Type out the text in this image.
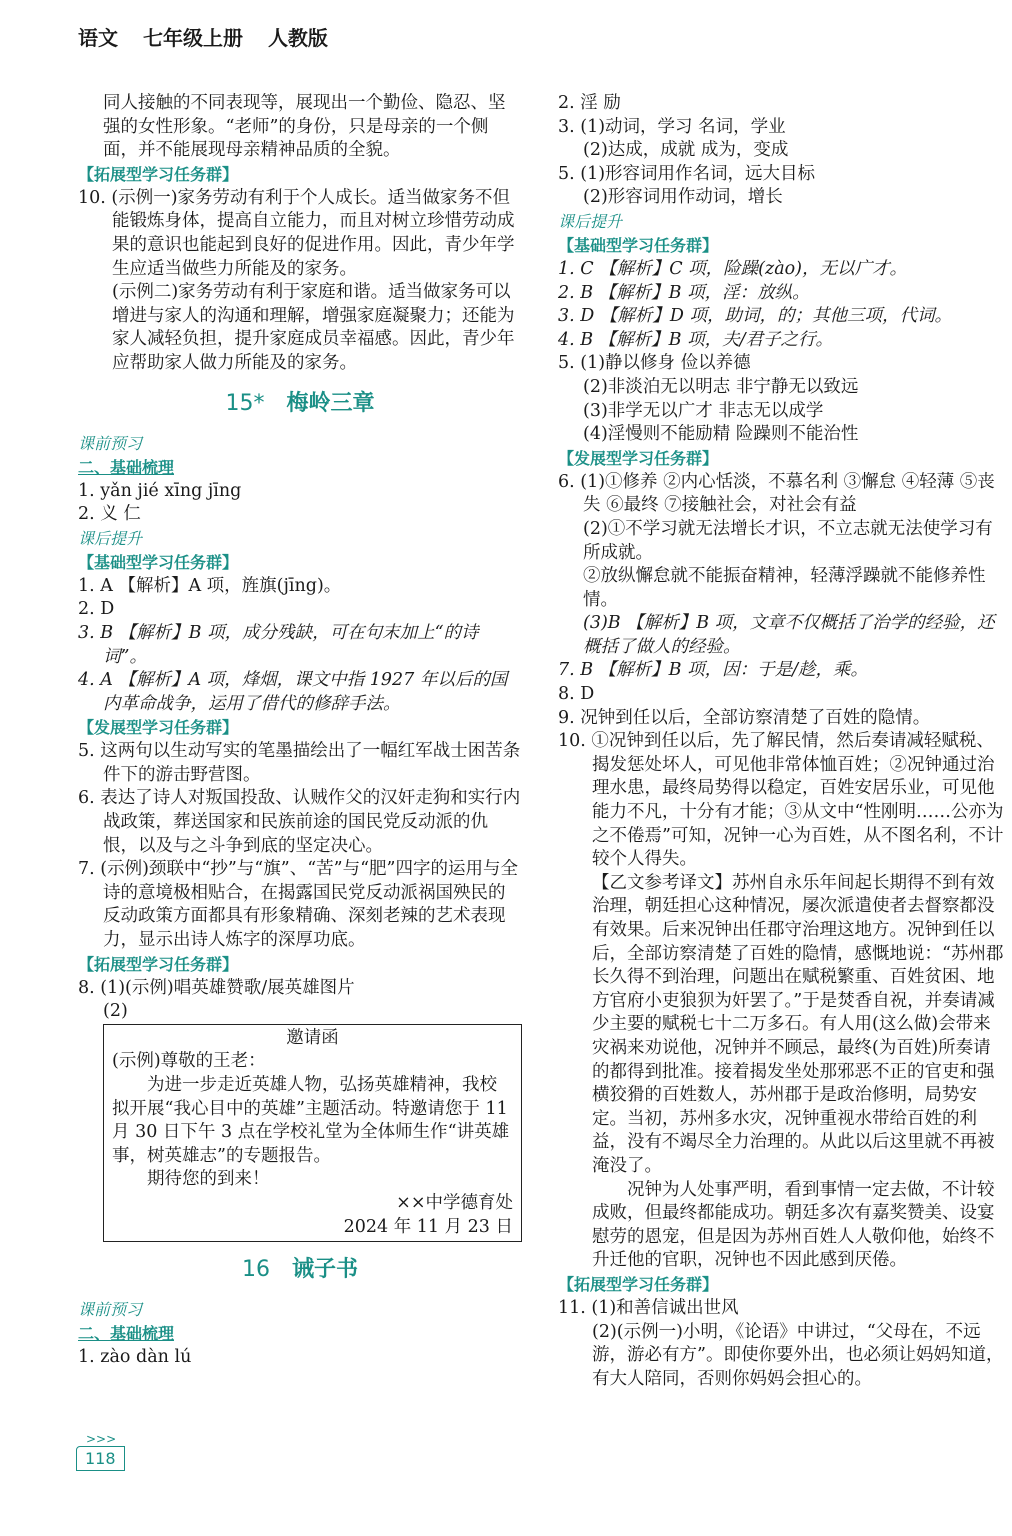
语文 七年级上册 人教版
同人接触的不同表现等，展现出一个勤俭、隐忍、坚强的女性形象。“老师”的身份，只是母亲的一个侧面，并不能展现母亲精神品质的全貌。
【拓展型学习任务群】
10. (示例一)家务劳动有利于个人成长。适当做家务不但能锻炼身体，提高自立能力，而且对树立珍惜劳动成果的意识也能起到良好的促进作用。因此，青少年学生应适当做些力所能及的家务。
(示例二)家务劳动有利于家庭和谐。适当做家务可以增进与家人的沟通和理解，增强家庭凝聚力；还能为家人减轻负担，提升家庭成员幸福感。因此，青少年应帮助家人做力所能及的家务。
15* 梅岭三章
课前预习
二、基础梳理
1. yǎn jié xīng jīng
2. 义 仁
课后提升
【基础型学习任务群】
1. A 【解析】A 项，旌旗(jīng)。
2. D
3. B 【解析】B 项，成分残缺，可在句末加上“的诗词”。
4. A 【解析】A 项，烽烟，课文中指 1927 年以后的国内革命战争，运用了借代的修辞手法。
【发展型学习任务群】
5. 这两句以生动写实的笔墨描绘出了一幅红军战士困苦条件下的游击野营图。
6. 表达了诗人对叛国投敌、认贼作父的汉奸走狗和实行内战政策，葬送国家和民族前途的国民党反动派的仇恨，以及与之斗争到底的坚定决心。
7. (示例)颈联中“抄”与“旗”、“苦”与“肥”四字的运用与全诗的意境极相贴合，在揭露国民党反动派祸国殃民的反动政策方面都具有形象精确、深刻老辣的艺术表现力，显示出诗人炼字的深厚功底。
【拓展型学习任务群】
8. (1)(示例)唱英雄赞歌/展英雄图片
(2)
邀请函
(示例)尊敬的王老：
为进一步走近英雄人物，弘扬英雄精神，我校拟开展“我心目中的英雄”主题活动。特邀请您于 11 月 30 日下午 3 点在学校礼堂为全体师生作“讲英雄事，树英雄志”的专题报告。
期待您的到来！
××中学德育处
2024 年 11 月 23 日
16 诫子书
课前预习
二、基础梳理
1. zào dàn lú
2. 淫 励
3. (1)动词，学习 名词，学业
(2)达成，成就 成为，变成
5. (1)形容词用作名词，远大目标
(2)形容词用作动词，增长
课后提升
【基础型学习任务群】
1. C 【解析】C 项，险躁(zào)，无以广才。
2. B 【解析】B 项，淫：放纵。
3. D 【解析】D 项，助词，的；其他三项，代词。
4. B 【解析】B 项，夫/君子之行。
5. (1)静以修身 俭以养德
(2)非淡泊无以明志 非宁静无以致远
(3)非学无以广才 非志无以成学
(4)淫慢则不能励精 险躁则不能治性
【发展型学习任务群】
6. (1)①修养 ②内心恬淡，不慕名利 ③懈怠 ④轻薄 ⑤丧失 ⑥最终 ⑦接触社会，对社会有益
(2)①不学习就无法增长才识，不立志就无法使学习有所成就。
②放纵懈怠就不能振奋精神，轻薄浮躁就不能修养性情。
(3)B 【解析】B 项，文章不仅概括了治学的经验，还概括了做人的经验。
7. B 【解析】B 项，因：于是/趁，乘。
8. D
9. 况钟到任以后，全部访察清楚了百姓的隐情。
10. ①况钟到任以后，先了解民情，然后奏请减轻赋税、揭发惩处坏人，可见他非常体恤百姓；②况钟通过治理水患，最终局势得以稳定，百姓安居乐业，可见他能力不凡，十分有才能；③从文中“性刚明……公亦为之不倦焉”可知，况钟一心为百姓，从不图名利，不计较个人得失。
【乙文参考译文】苏州自永乐年间起长期得不到有效治理，朝廷担心这种情况，屡次派遣使者去督察都没有效果。后来况钟出任郡守治理这地方。况钟到任以后，全部访察清楚了百姓的隐情，感慨地说：“苏州郡长久得不到治理，问题出在赋税繁重、百姓贫困、地方官府小吏狼狈为奸罢了。”于是焚香自祝，并奏请减少主要的赋税七十二万多石。有人用(这么做)会带来灾祸来劝说他，况钟并不顾忌，最终(为百姓)所奏请的都得到批准。接着揭发坐处那邪恶不正的官吏和强横狡猾的百姓数人，苏州郡于是政治修明，局势安定。当初，苏州多水灾，况钟重视水带给百姓的利益，没有不竭尽全力治理的。从此以后这里就不再被淹没了。
况钟为人处事严明，看到事情一定去做，不计较成败，但最终都能成功。朝廷多次有嘉奖赞美、设宴慰劳的恩宠，但是因为苏州百姓人人敬仰他，始终不升迁他的官职，况钟也不因此感到厌倦。
【拓展型学习任务群】
11. (1)和善信诚出世风
(2)(示例一)小明，《论语》中讲过，“父母在，不远游，游必有方”。即使你要外出，也必须让妈妈知道，有大人陪同，否则你妈妈会担心的。
>>>
118
